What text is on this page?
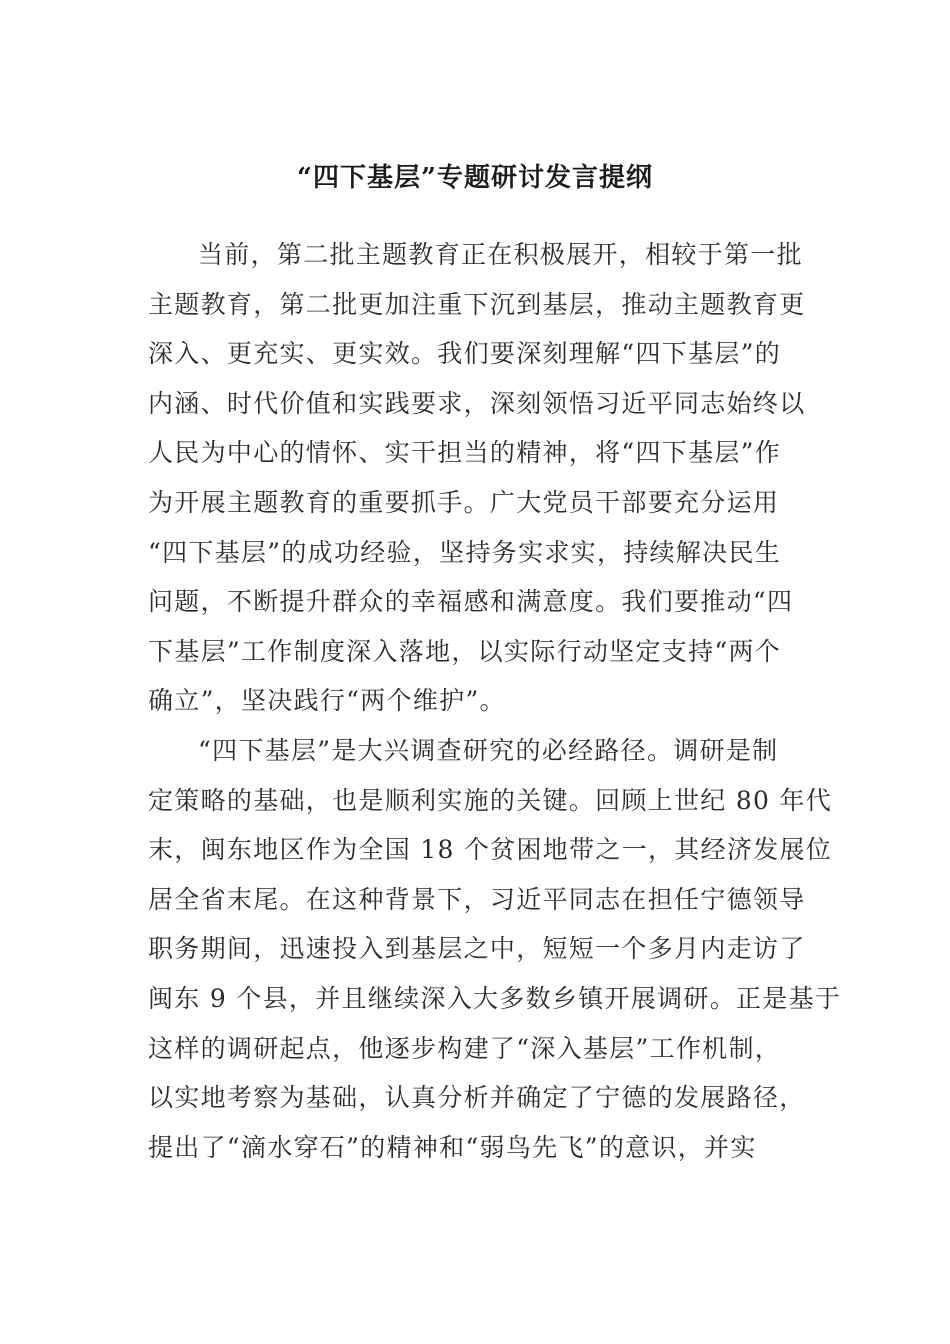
“四下基层”专题研讨发言提纲
当前，第二批主题教育正在积极展开，相较于第一批
主题教育，第二批更加注重下沉到基层，推动主题教育更
深入、更充实、更实效。我们要深刻理解“四下基层”的
内涵、时代价值和实践要求，深刻领悟习近平同志始终以
人民为中心的情怀、实干担当的精神，将“四下基层”作
为开展主题教育的重要抓手。广大党员干部要充分运用
“四下基层”的成功经验，坚持务实求实，持续解决民生
问题，不断提升群众的幸福感和满意度。我们要推动“四
下基层”工作制度深入落地，以实际行动坚定支持“两个
确立”，坚决践行“两个维护”。
“四下基层”是大兴调查研究的必经路径。调研是制
定策略的基础，也是顺利实施的关键。回顾上世纪 80 年代
末，闽东地区作为全国 18 个贫困地带之一，其经济发展位
居全省末尾。在这种背景下，习近平同志在担任宁德领导
职务期间，迅速投入到基层之中，短短一个多月内走访了
闽东 9 个县，并且继续深入大多数乡镇开展调研。正是基于
这样的调研起点，他逐步构建了“深入基层”工作机制，
以实地考察为基础，认真分析并确定了宁德的发展路径，
提出了“滴水穿石”的精神和“弱鸟先飞”的意识，并实
